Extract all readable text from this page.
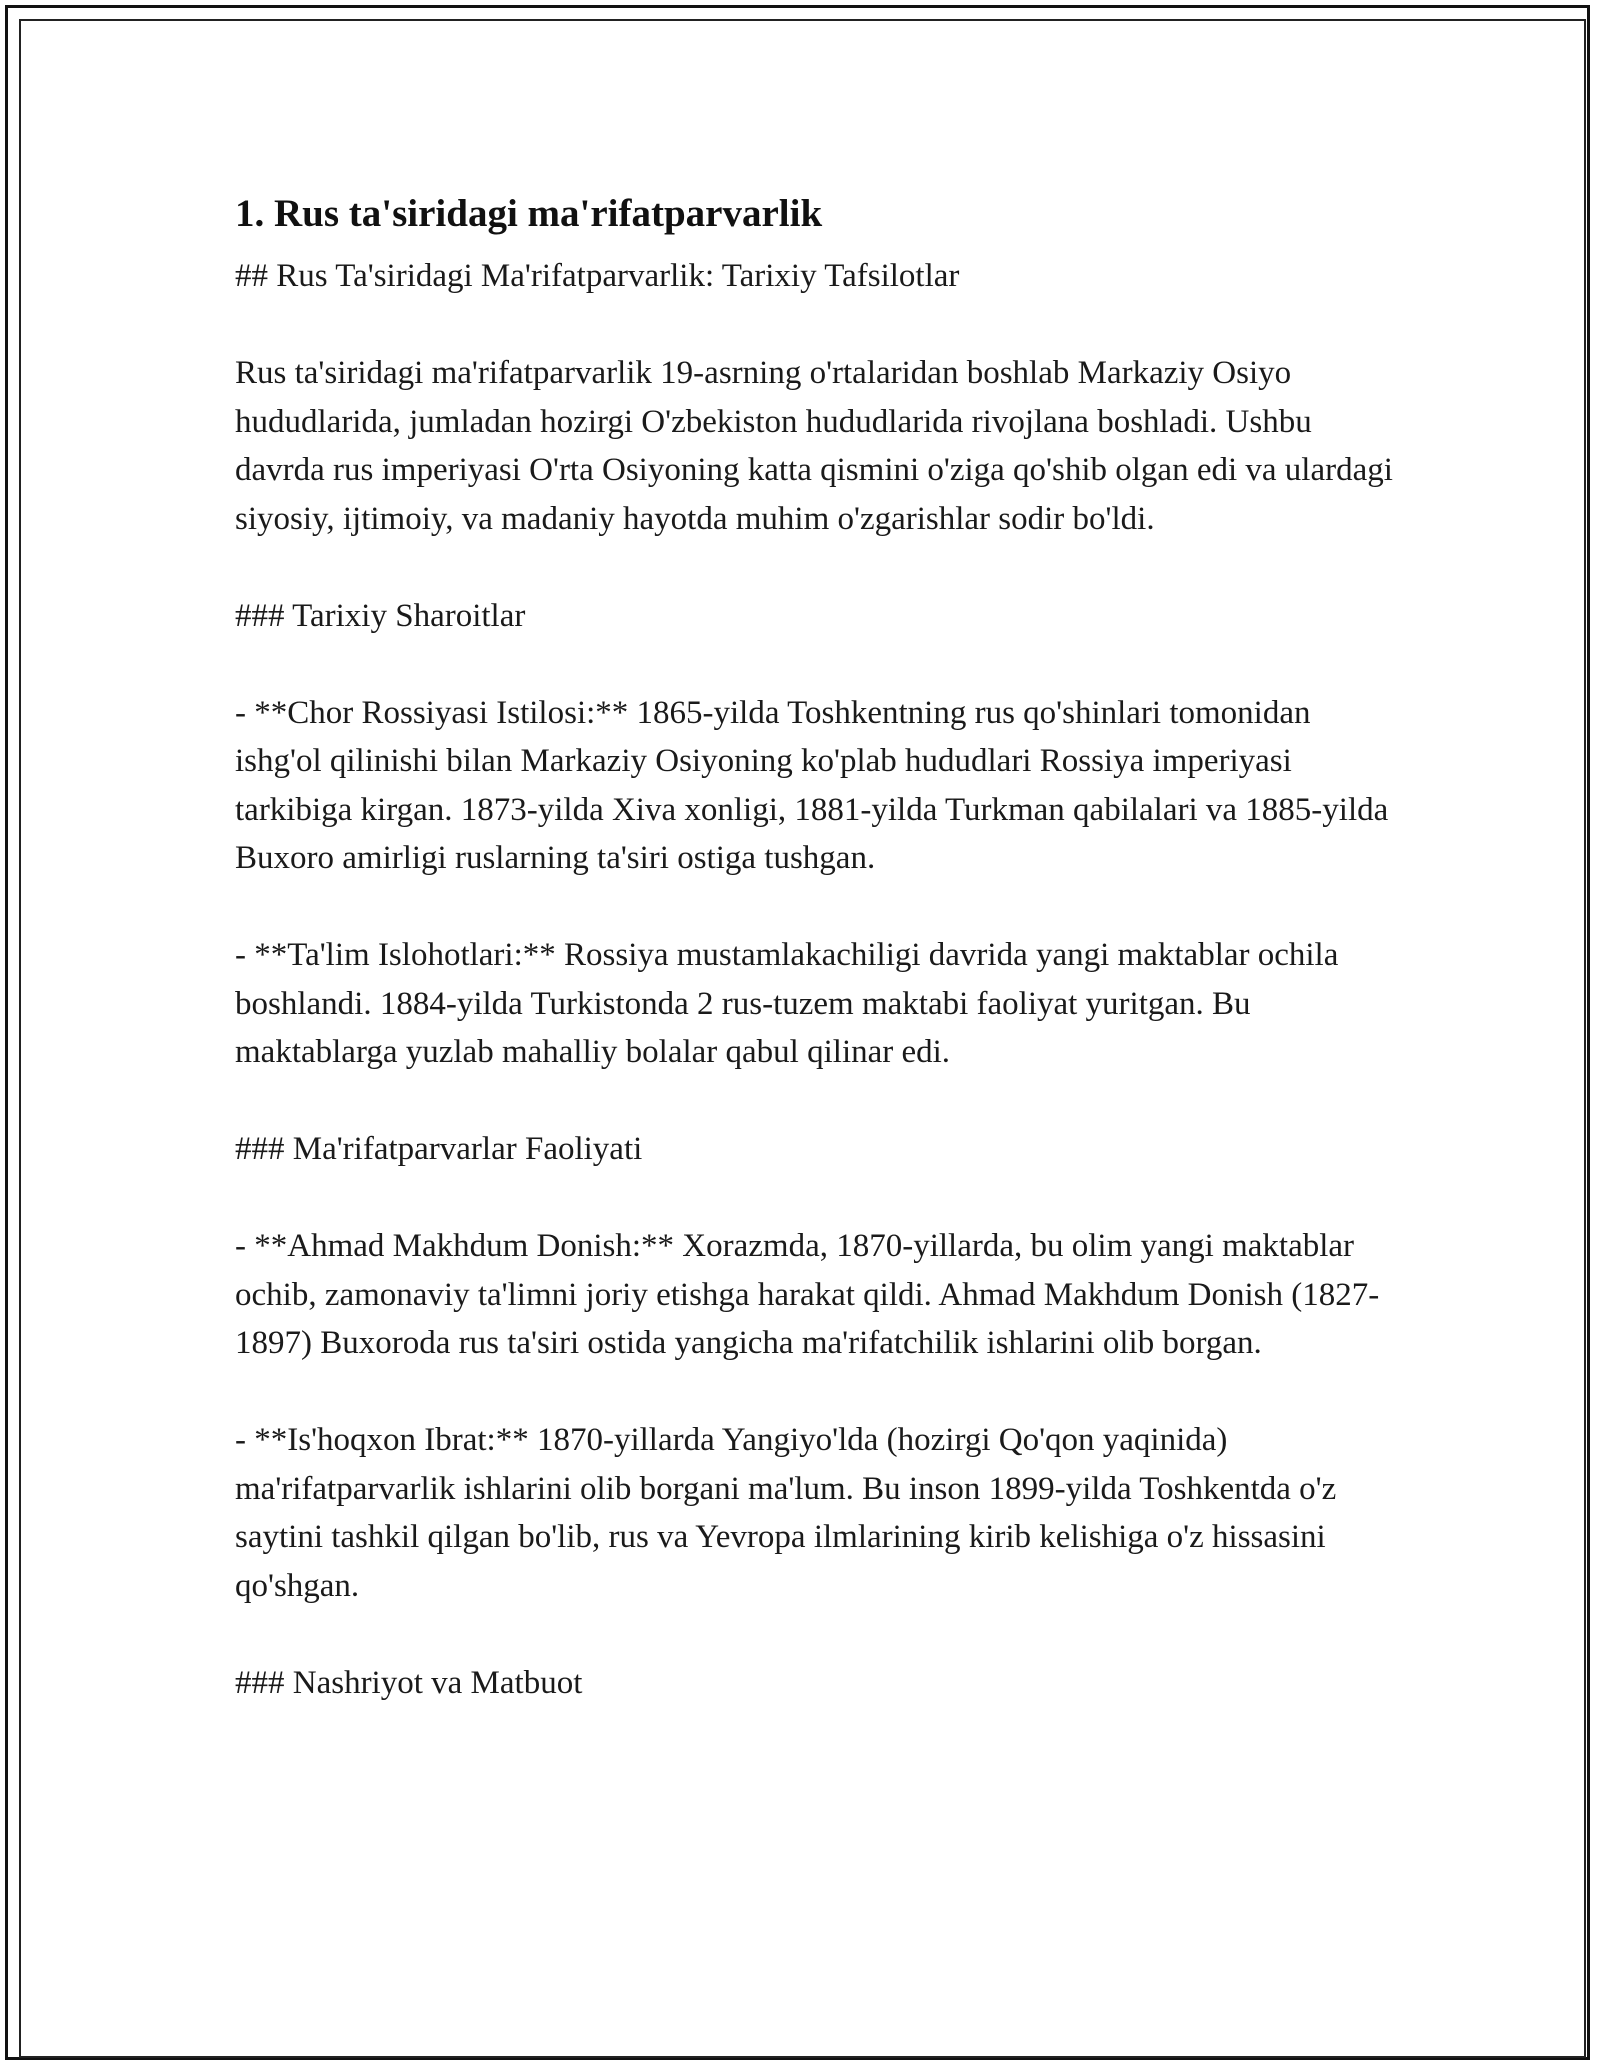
1. Rus ta'siridagi ma'rifatparvarlik

## Rus Ta'siridagi Ma'rifatparvarlik: Tarixiy Tafsilotlar

Rus ta'siridagi ma'rifatparvarlik 19-asrning o'rtalaridan boshlab Markaziy Osiyo hududlarida, jumladan hozirgi O'zbekiston hududlarida rivojlana boshladi. Ushbu davrda rus imperiyasi O'rta Osiyoning katta qismini o'ziga qo'shib olgan edi va ulardagi siyosiy, ijtimoiy, va madaniy hayotda muhim o'zgarishlar sodir bo'ldi.

### Tarixiy Sharoitlar

- **Chor Rossiyasi Istilosi:** 1865-yilda Toshkentning rus qo'shinlari tomonidan ishg'ol qilinishi bilan Markaziy Osiyoning ko'plab hududlari Rossiya imperiyasi tarkibiga kirgan. 1873-yilda Xiva xonligi, 1881-yilda Turkman qabilalari va 1885-yilda Buxoro amirligi ruslarning ta'siri ostiga tushgan.

- **Ta'lim Islohotlari:** Rossiya mustamlakachiligi davrida yangi maktablar ochila boshlandi. 1884-yilda Turkistonda 2 rus-tuzem maktabi faoliyat yuritgan. Bu maktablarga yuzlab mahalliy bolalar qabul qilinar edi.

### Ma'rifatparvarlar Faoliyati

- **Ahmad Makhdum Donish:** Xorazmda, 1870-yillarda, bu olim yangi maktablar ochib, zamonaviy ta'limni joriy etishga harakat qildi. Ahmad Makhdum Donish (1827-1897) Buxoroda rus ta'siri ostida yangicha ma'rifatchilik ishlarini olib borgan.

- **Is'hoqxon Ibrat:** 1870-yillarda Yangiyo'lda (hozirgi Qo'qon yaqinida) ma'rifatparvarlik ishlarini olib borgani ma'lum. Bu inson 1899-yilda Toshkentda o'z saytini tashkil qilgan bo'lib, rus va Yevropa ilmlarining kirib kelishiga o'z hissasini qo'shgan.

### Nashriyot va Matbuot
